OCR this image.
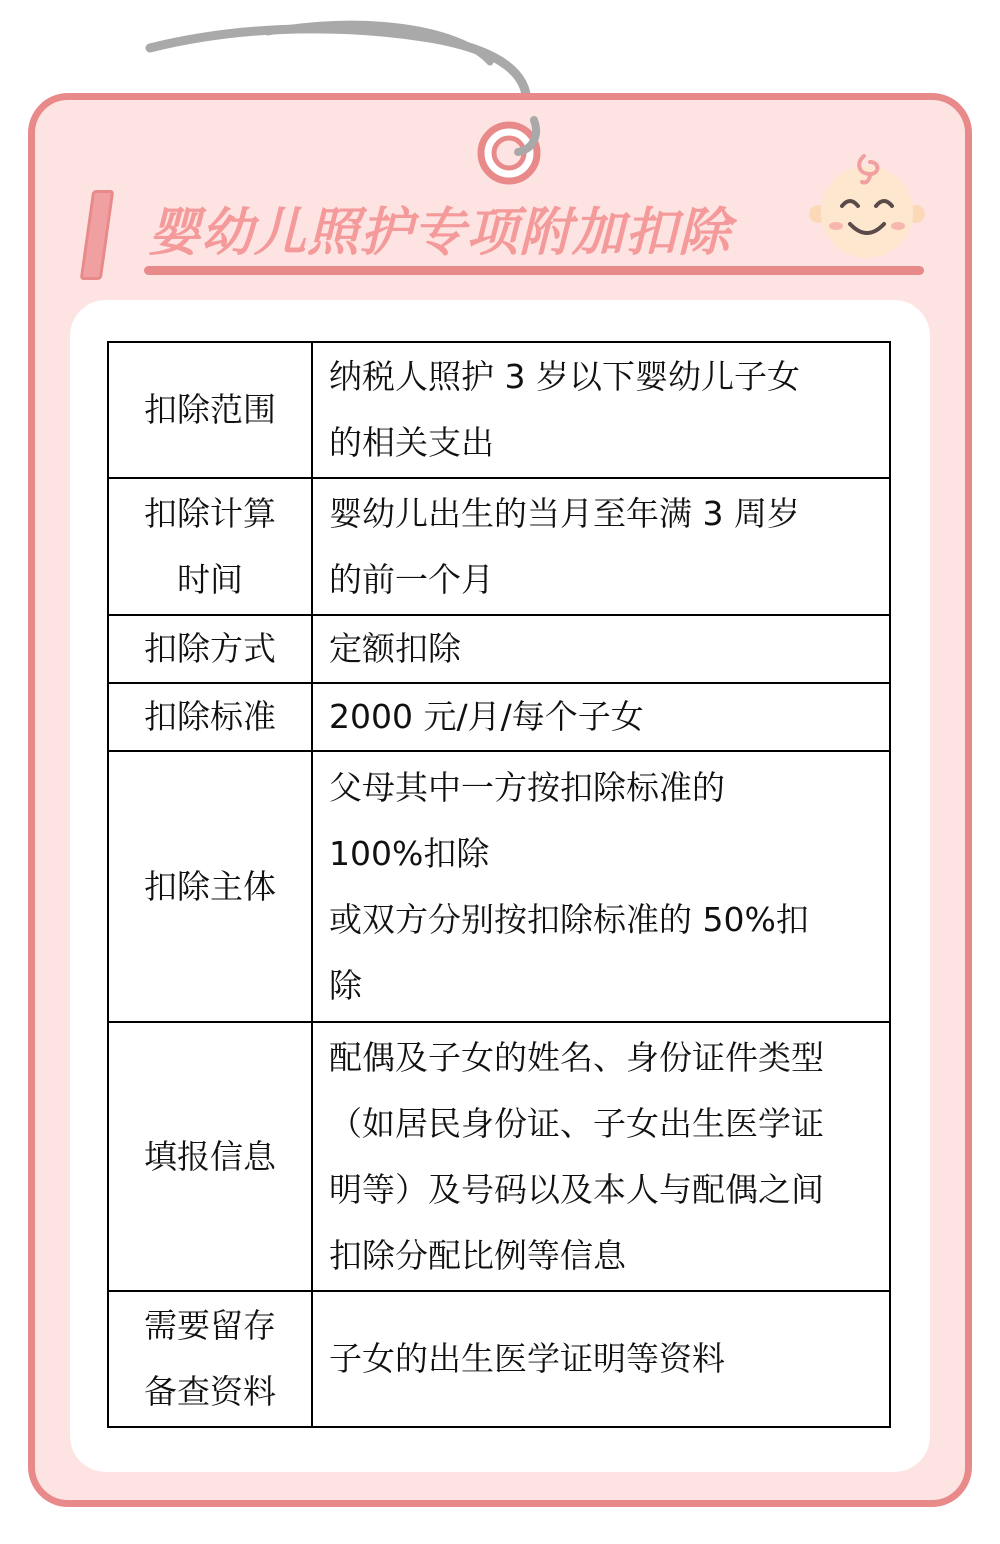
婴幼儿照护专项附加扣除
扣除范围	纳税人照护 3 岁以下婴幼儿子女
的相关支出

扣除计算
时间	婴幼儿出生的当月至年满 3 周岁
的前一个月

扣除方式	定额扣除

扣除标准	2000 元/月/每个子女

扣除主体	父母其中一方按扣除标准的
100%扣除
或双方分别按扣除标准的 50%扣
除

填报信息	配偶及子女的姓名、身份证件类型
（如居民身份证、子女出生医学证
明等）及号码以及本人与配偶之间
扣除分配比例等信息

需要留存
备查资料	子女的出生医学证明等资料
